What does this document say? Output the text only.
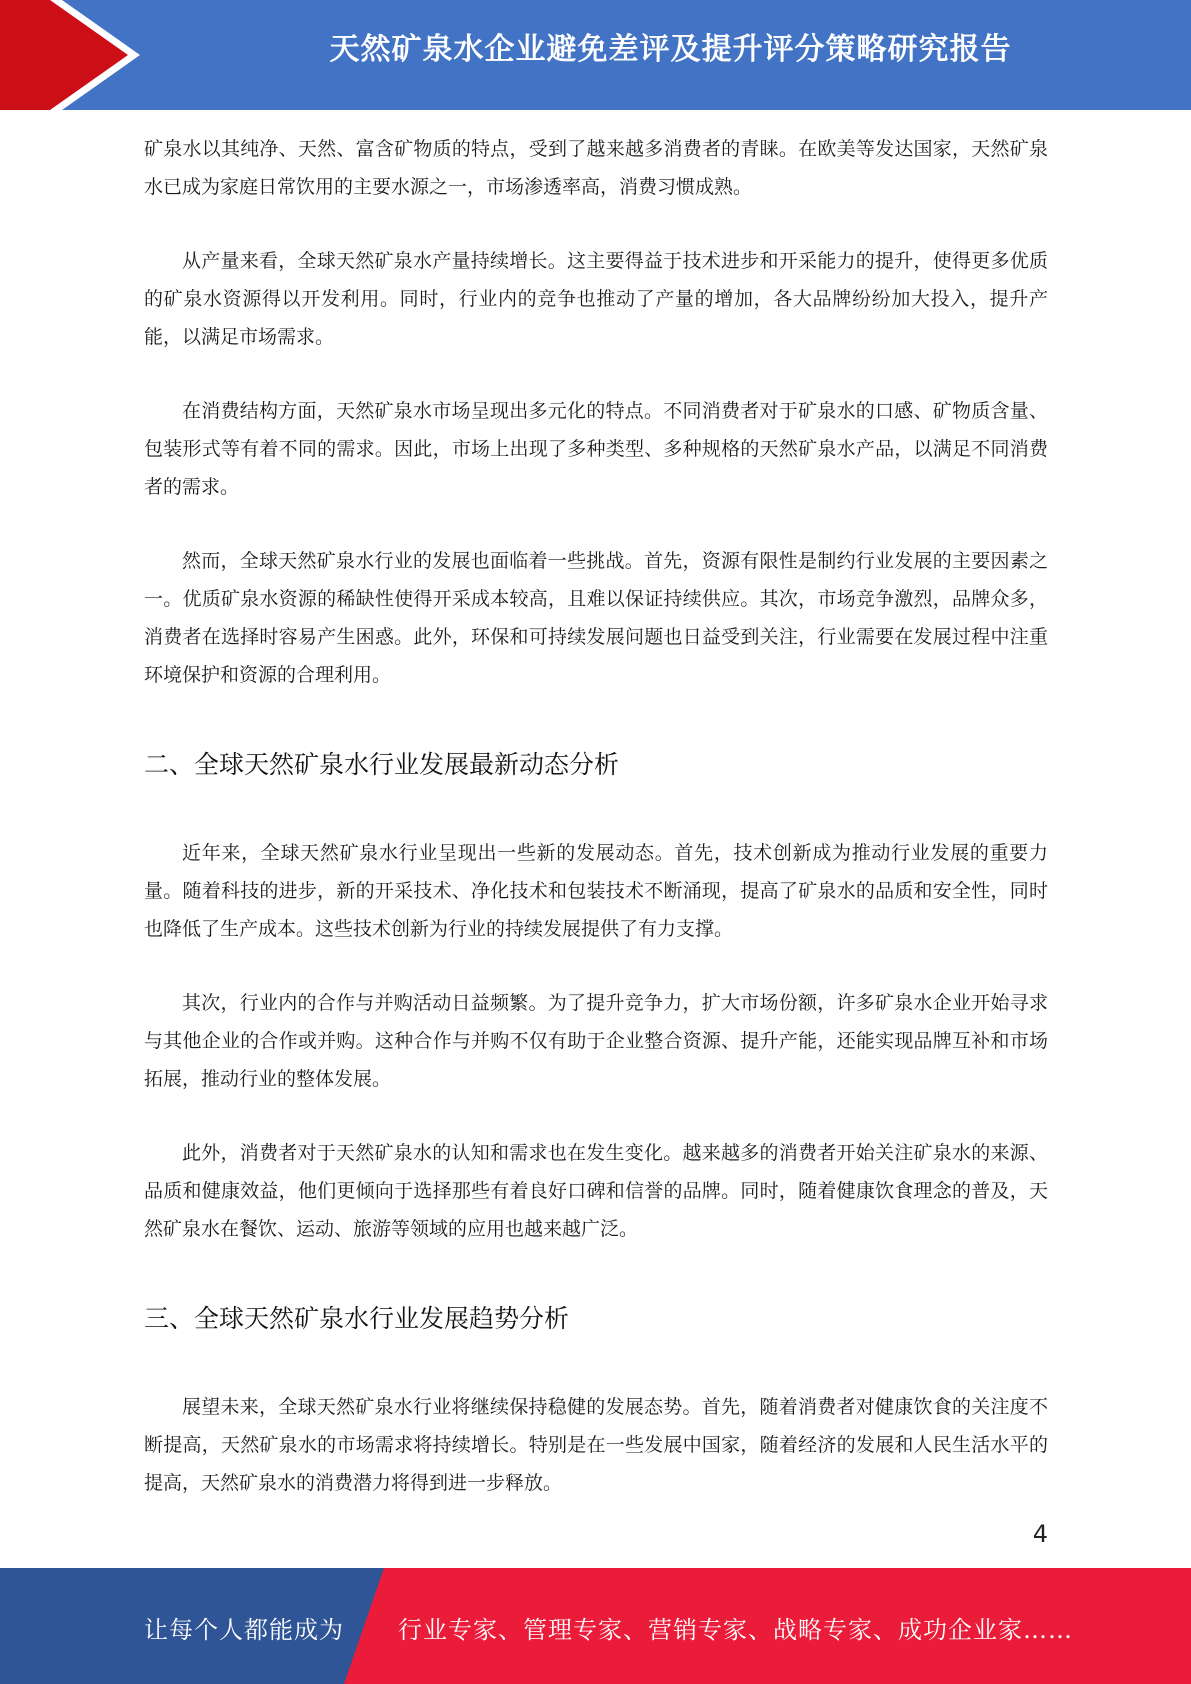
天然矿泉水企业避免差评及提升评分策略研究报告

矿泉水以其纯净、天然、富含矿物质的特点，受到了越来越多消费者的青睐。在欧美等发达国家，天然矿泉水已成为家庭日常饮用的主要水源之一，市场渗透率高，消费习惯成熟。

从产量来看，全球天然矿泉水产量持续增长。这主要得益于技术进步和开采能力的提升，使得更多优质的矿泉水资源得以开发利用。同时，行业内的竞争也推动了产量的增加，各大品牌纷纷加大投入，提升产能，以满足市场需求。

在消费结构方面，天然矿泉水市场呈现出多元化的特点。不同消费者对于矿泉水的口感、矿物质含量、包装形式等有着不同的需求。因此，市场上出现了多种类型、多种规格的天然矿泉水产品，以满足不同消费者的需求。

然而，全球天然矿泉水行业的发展也面临着一些挑战。首先，资源有限性是制约行业发展的主要因素之一。优质矿泉水资源的稀缺性使得开采成本较高，且难以保证持续供应。其次，市场竞争激烈，品牌众多，消费者在选择时容易产生困惑。此外，环保和可持续发展问题也日益受到关注，行业需要在发展过程中注重环境保护和资源的合理利用。

二、全球天然矿泉水行业发展最新动态分析

近年来，全球天然矿泉水行业呈现出一些新的发展动态。首先，技术创新成为推动行业发展的重要力量。随着科技的进步，新的开采技术、净化技术和包装技术不断涌现，提高了矿泉水的品质和安全性，同时也降低了生产成本。这些技术创新为行业的持续发展提供了有力支撑。

其次，行业内的合作与并购活动日益频繁。为了提升竞争力，扩大市场份额，许多矿泉水企业开始寻求与其他企业的合作或并购。这种合作与并购不仅有助于企业整合资源、提升产能，还能实现品牌互补和市场拓展，推动行业的整体发展。

此外，消费者对于天然矿泉水的认知和需求也在发生变化。越来越多的消费者开始关注矿泉水的来源、品质和健康效益，他们更倾向于选择那些有着良好口碑和信誉的品牌。同时，随着健康饮食理念的普及，天然矿泉水在餐饮、运动、旅游等领域的应用也越来越广泛。

三、全球天然矿泉水行业发展趋势分析

展望未来，全球天然矿泉水行业将继续保持稳健的发展态势。首先，随着消费者对健康饮食的关注度不断提高，天然矿泉水的市场需求将持续增长。特别是在一些发展中国家，随着经济的发展和人民生活水平的提高，天然矿泉水的消费潜力将得到进一步释放。

4
让每个人都能成为 行业专家、管理专家、营销专家、战略专家、成功企业家……
